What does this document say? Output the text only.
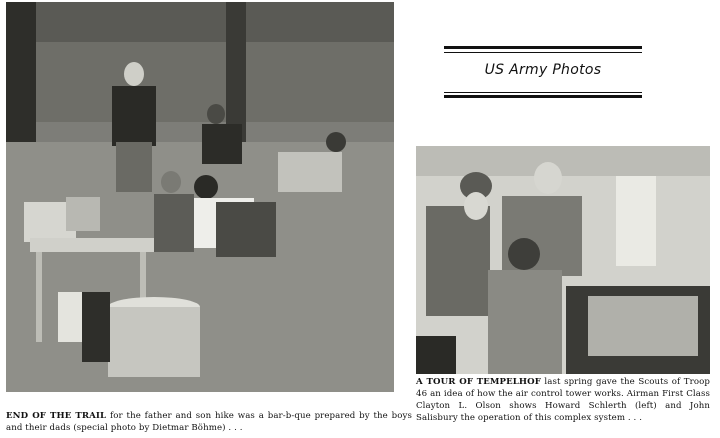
US Army Photos
A TOUR OF TEMPELHOF last spring gave the Scouts of Troop 46 an idea of how the air control tower works. Airman First Class Clayton L. Olson shows Howard Schlerth (left) and John Salisbury the operation of this complex system . . .
END OF THE TRAIL for the father and son hike was a bar-b-que prepared by the boys and their dads (special photo by Dietmar Böhme) . . .
